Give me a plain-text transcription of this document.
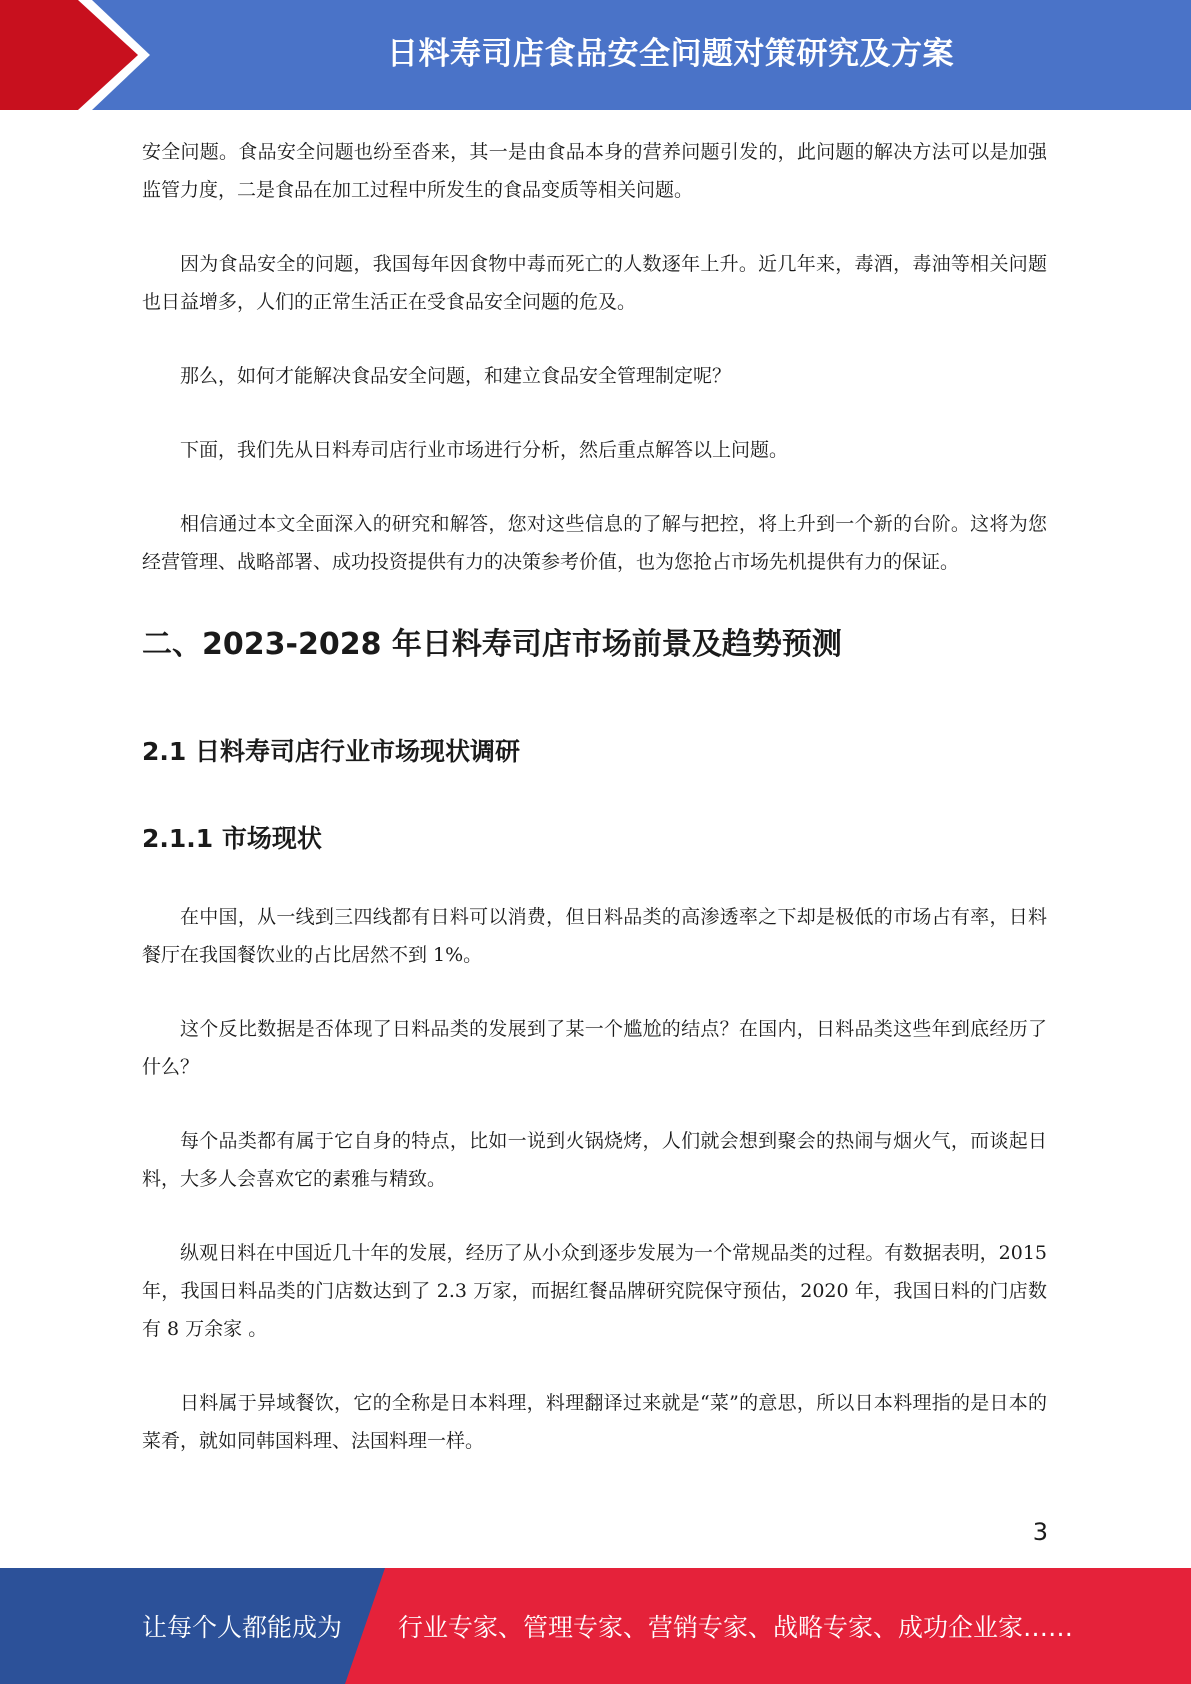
日料寿司店食品安全问题对策研究及方案

安全问题。食品安全问题也纷至沓来，其一是由食品本身的营养问题引发的，此问题的解决方法可以是加强监管力度，二是食品在加工过程中所发生的食品变质等相关问题。

因为食品安全的问题，我国每年因食物中毒而死亡的人数逐年上升。近几年来，毒酒，毒油等相关问题也日益增多，人们的正常生活正在受食品安全问题的危及。

那么，如何才能解决食品安全问题，和建立食品安全管理制定呢？

下面，我们先从日料寿司店行业市场进行分析，然后重点解答以上问题。

相信通过本文全面深入的研究和解答，您对这些信息的了解与把控，将上升到一个新的台阶。这将为您经营管理、战略部署、成功投资提供有力的决策参考价值，也为您抢占市场先机提供有力的保证。

二、2023-2028 年日料寿司店市场前景及趋势预测
2.1 日料寿司店行业市场现状调研
2.1.1 市场现状

在中国，从一线到三四线都有日料可以消费，但日料品类的高渗透率之下却是极低的市场占有率，日料餐厅在我国餐饮业的占比居然不到 1%。

这个反比数据是否体现了日料品类的发展到了某一个尴尬的结点？在国内，日料品类这些年到底经历了什么？

每个品类都有属于它自身的特点，比如一说到火锅烧烤，人们就会想到聚会的热闹与烟火气，而谈起日料，大多人会喜欢它的素雅与精致。

纵观日料在中国近几十年的发展，经历了从小众到逐步发展为一个常规品类的过程。有数据表明，2015 年，我国日料品类的门店数达到了 2.3 万家，而据红餐品牌研究院保守预估，2020 年，我国日料的门店数有 8 万余家 。

日料属于异域餐饮，它的全称是日本料理，料理翻译过来就是“菜”的意思，所以日本料理指的是日本的菜肴，就如同韩国料理、法国料理一样。

3
让每个人都能成为 行业专家、管理专家、营销专家、战略专家、成功企业家……
